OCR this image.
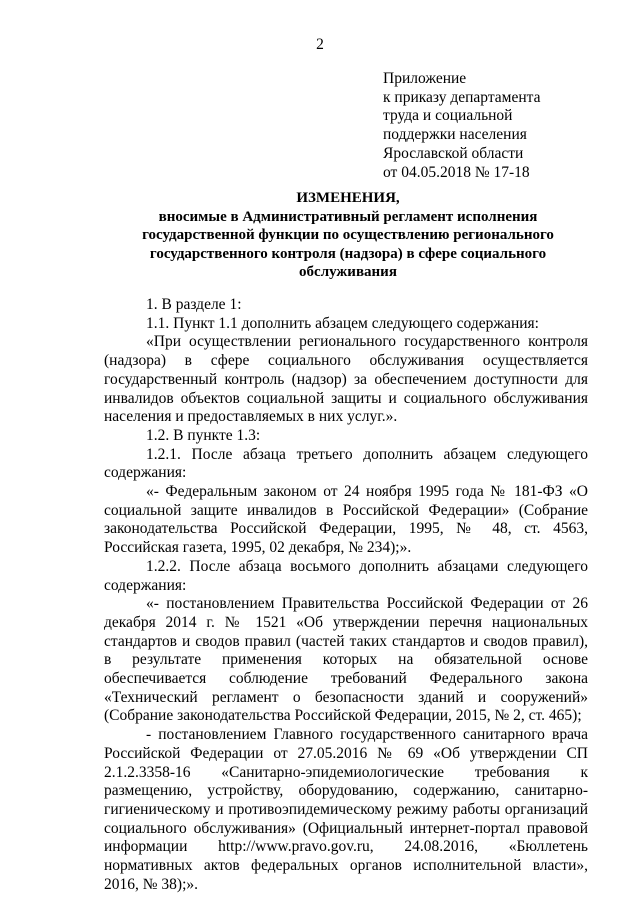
2
Приложение
к приказу департамента
труда и социальной
поддержки населения
Ярославской области
от 04.05.2018 № 17-18
ИЗМЕНЕНИЯ,
вносимые в Административный регламент исполнения государственной функции по осуществлению регионального государственного контроля (надзора) в сфере социального обслуживания

1. В разделе 1:

1.1. Пункт 1.1 дополнить абзацем следующего содержания:

«При осуществлении регионального государственного контроля (надзора) в сфере социального обслуживания осуществляется государственный контроль (надзор) за обеспечением доступности для инвалидов объектов социальной защиты и социального обслуживания населения и предоставляемых в них услуг.».

1.2. В пункте 1.3:

1.2.1. После абзаца третьего дополнить абзацем следующего содержания:

«- Федеральным законом от 24 ноября 1995 года № 181-ФЗ «О социальной защите инвалидов в Российской Федерации» (Собрание законодательства Российской Федерации, 1995, № 48, ст. 4563, Российская газета, 1995, 02 декабря, № 234);».

1.2.2. После абзаца восьмого дополнить абзацами следующего содержания:

«- постановлением Правительства Российской Федерации от 26 декабря 2014 г. № 1521 «Об утверждении перечня национальных стандартов и сводов правил (частей таких стандартов и сводов правил), в результате применения которых на обязательной основе обеспечивается соблюдение требований Федерального закона «Технический регламент о безопасности зданий и сооружений» (Собрание законодательства Российской Федерации, 2015, № 2, ст. 465);

- постановлением Главного государственного санитарного врача Российской Федерации от 27.05.2016 № 69 «Об утверждении СП 2.1.2.3358-16 «Санитарно-эпидемиологические требования к размещению, устройству, оборудованию, содержанию, санитарно-гигиеническому и противоэпидемическому режиму работы организаций социального обслуживания» (Официальный интернет-портал правовой информации http://www.pravo.gov.ru, 24.08.2016, «Бюллетень нормативных актов федеральных органов исполнительной власти», 2016, № 38);».
